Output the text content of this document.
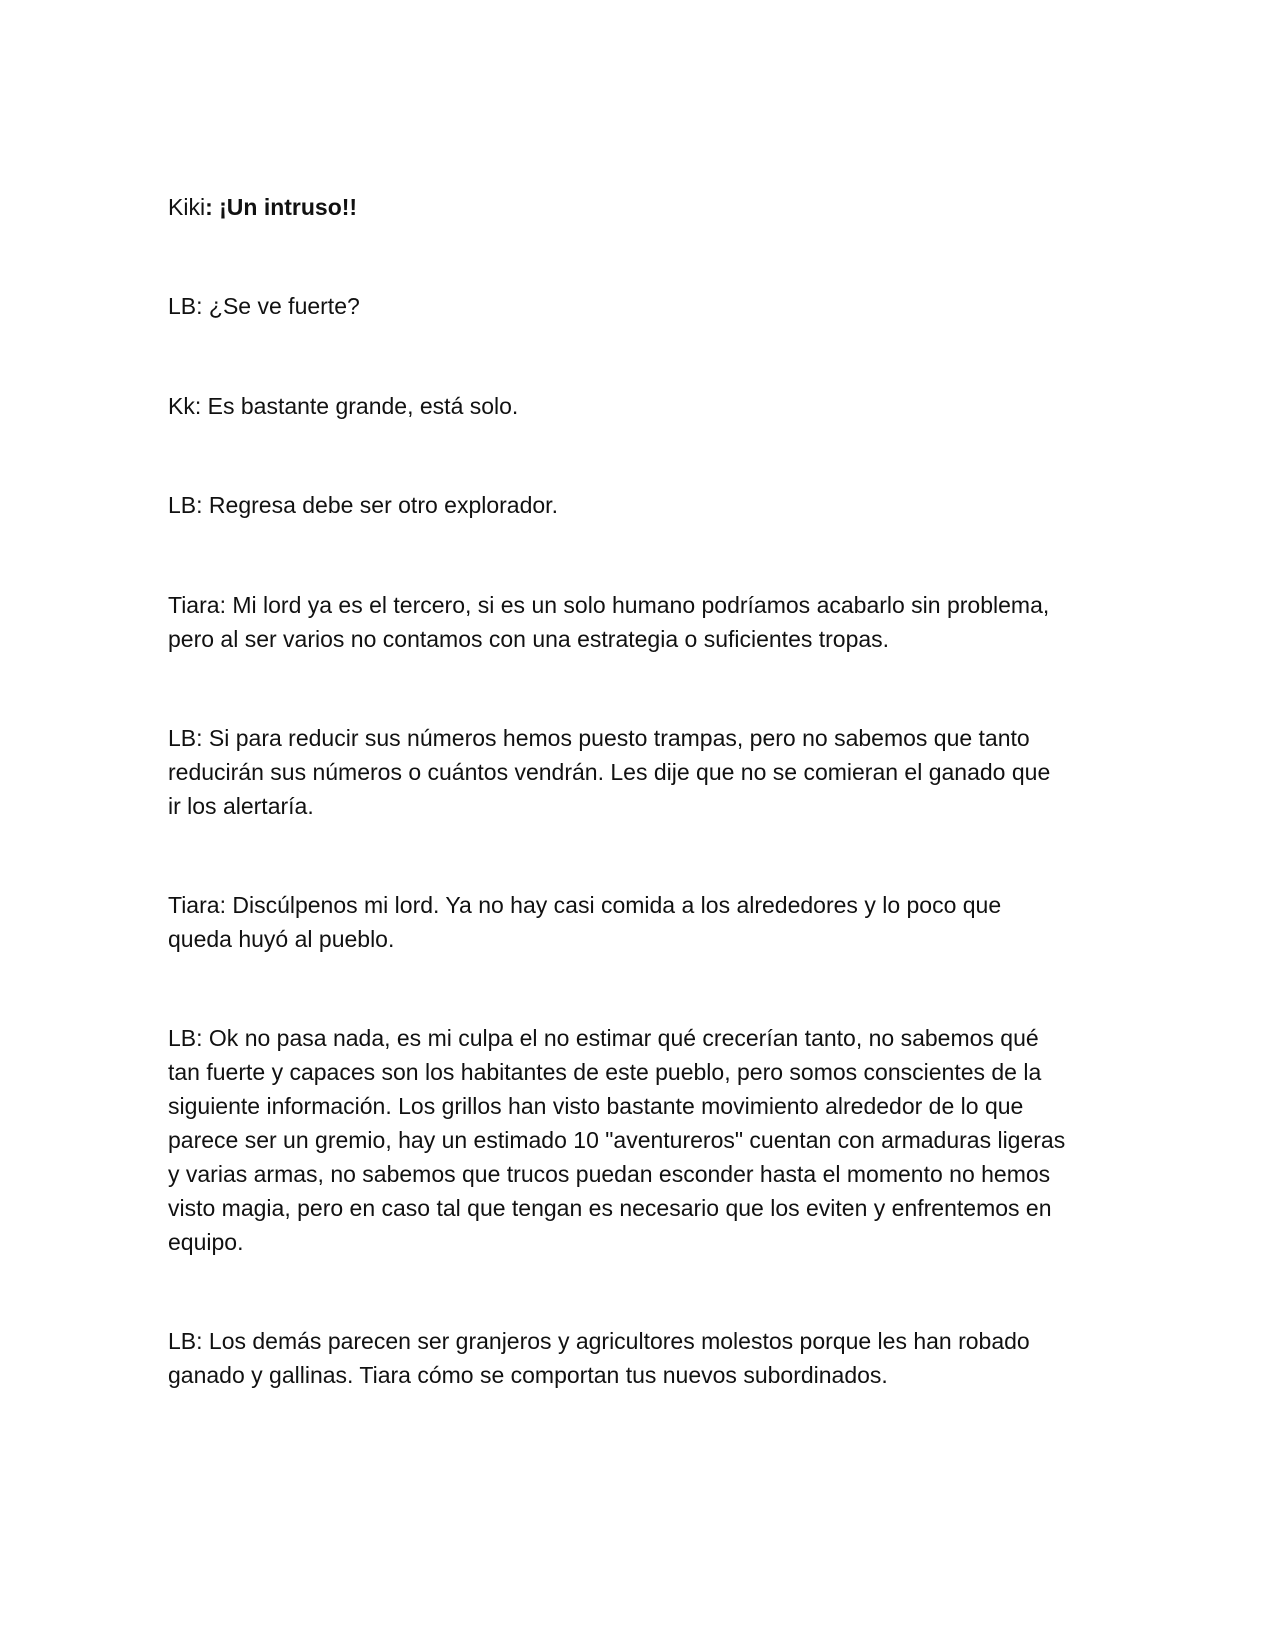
Kiki: ¡Un intruso!!

LB: ¿Se ve fuerte?

Kk: Es bastante grande, está solo.

LB: Regresa debe ser otro explorador.

Tiara: Mi lord ya es el tercero, si es un solo humano podríamos acabarlo sin problema, pero al ser varios no contamos con una estrategia o suficientes tropas.

LB: Si para reducir sus números hemos puesto trampas, pero no sabemos que tanto reducirán sus números o cuántos vendrán. Les dije que no se comieran el ganado que ir los alertaría.

Tiara: Discúlpenos mi lord. Ya no hay casi comida a los alrededores y lo poco que queda huyó al pueblo.

LB: Ok no pasa nada, es mi culpa el no estimar qué crecerían tanto, no sabemos qué tan fuerte y capaces son los habitantes de este pueblo, pero somos conscientes de la siguiente información. Los grillos han visto bastante movimiento alrededor de lo que parece ser un gremio, hay un estimado 10 "aventureros" cuentan con armaduras ligeras y varias armas, no sabemos que trucos puedan esconder hasta el momento no hemos visto magia, pero en caso tal que tengan es necesario que los eviten y enfrentemos en equipo.

LB: Los demás parecen ser granjeros y agricultores molestos porque les han robado ganado y gallinas. Tiara cómo se comportan tus nuevos subordinados.
